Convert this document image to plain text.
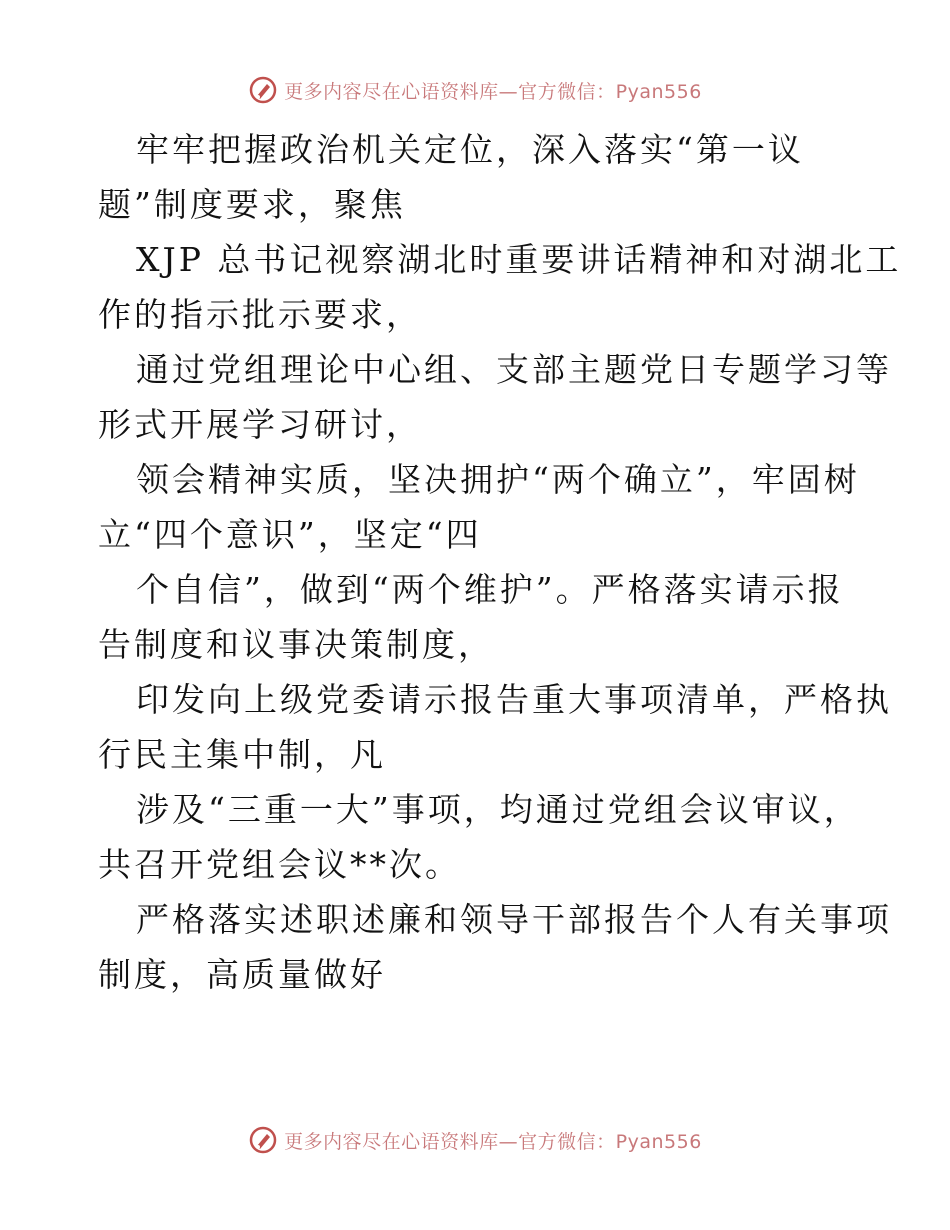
更多内容尽在心语资料库—官方微信：Pyan556

牢牢把握政治机关定位，深入落实“第一议
题”制度要求，聚焦

XJP 总书记视察湖北时重要讲话精神和对湖北工
作的指示批示要求，

通过党组理论中心组、支部主题党日专题学习等
形式开展学习研讨，

领会精神实质，坚决拥护“两个确立”，牢固树
立“四个意识”，坚定“四

个自信”，做到“两个维护”。严格落实请示报
告制度和议事决策制度，

印发向上级党委请示报告重大事项清单，严格执
行民主集中制，凡

涉及“三重一大”事项，均通过党组会议审议，
共召开党组会议**次。

严格落实述职述廉和领导干部报告个人有关事项
制度，高质量做好

更多内容尽在心语资料库—官方微信：Pyan556
